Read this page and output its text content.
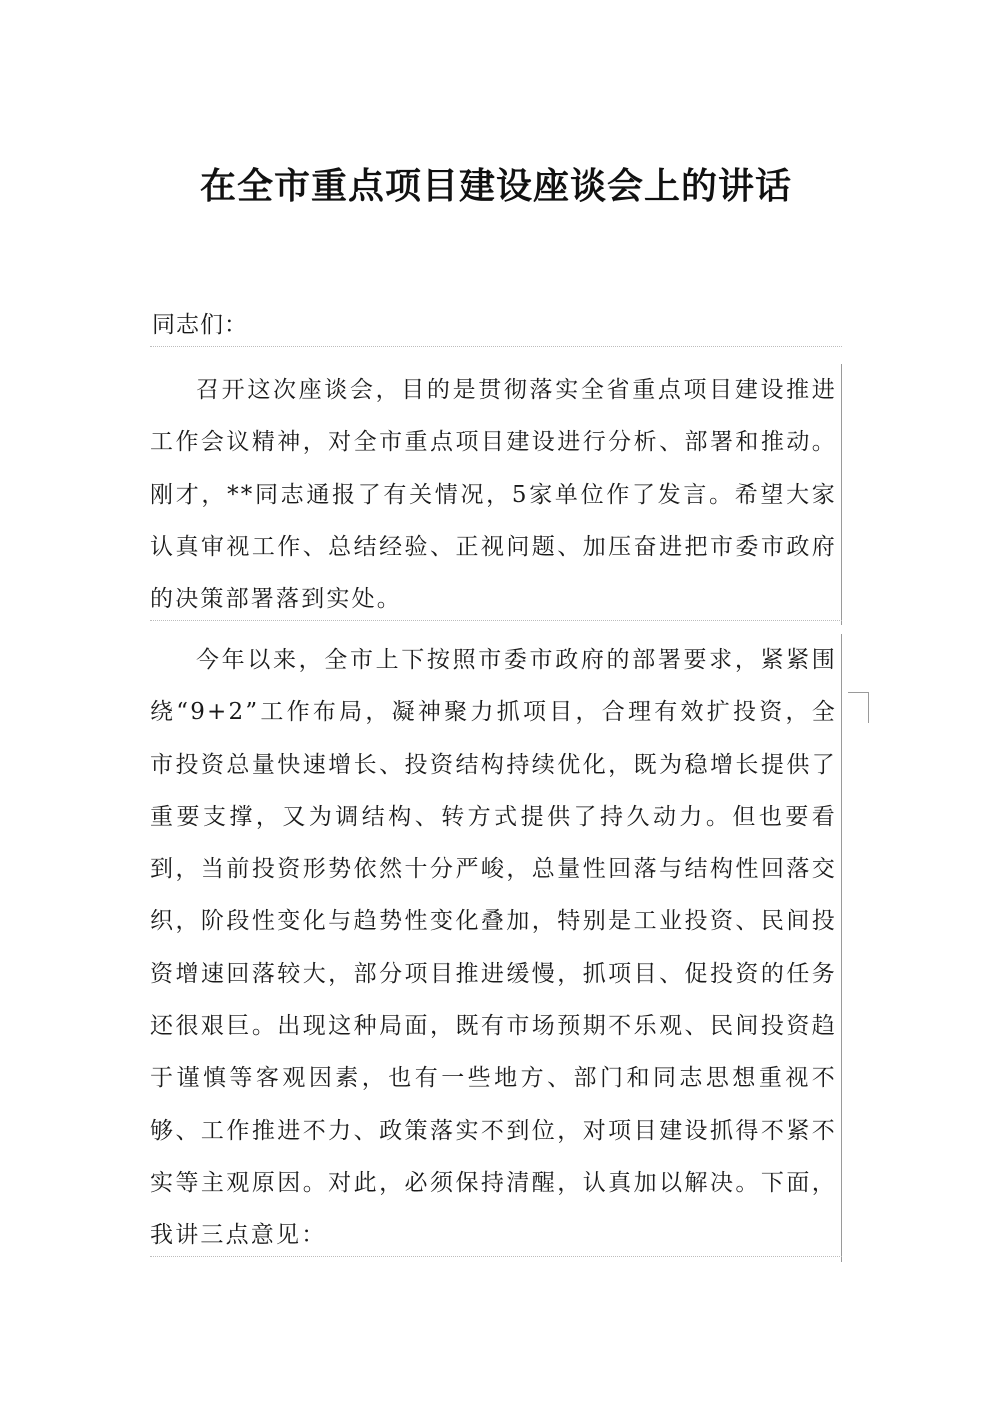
在全市重点项目建设座谈会上的讲话
同志们：

召开这次座谈会，目的是贯彻落实全省重点项目建设推进工作会议精神，对全市重点项目建设进行分析、部署和推动。刚才，**同志通报了有关情况，5家单位作了发言。希望大家认真审视工作、总结经验、正视问题、加压奋进把市委市政府的决策部署落到实处。

今年以来，全市上下按照市委市政府的部署要求，紧紧围绕“9+2”工作布局，凝神聚力抓项目，合理有效扩投资，全市投资总量快速增长、投资结构持续优化，既为稳增长提供了重要支撑，又为调结构、转方式提供了持久动力。但也要看到，当前投资形势依然十分严峻，总量性回落与结构性回落交织，阶段性变化与趋势性变化叠加，特别是工业投资、民间投资增速回落较大，部分项目推进缓慢，抓项目、促投资的任务还很艰巨。出现这种局面，既有市场预期不乐观、民间投资趋于谨慎等客观因素，也有一些地方、部门和同志思想重视不够、工作推进不力、政策落实不到位，对项目建设抓得不紧不实等主观原因。对此，必须保持清醒，认真加以解决。下面，我讲三点意见：
